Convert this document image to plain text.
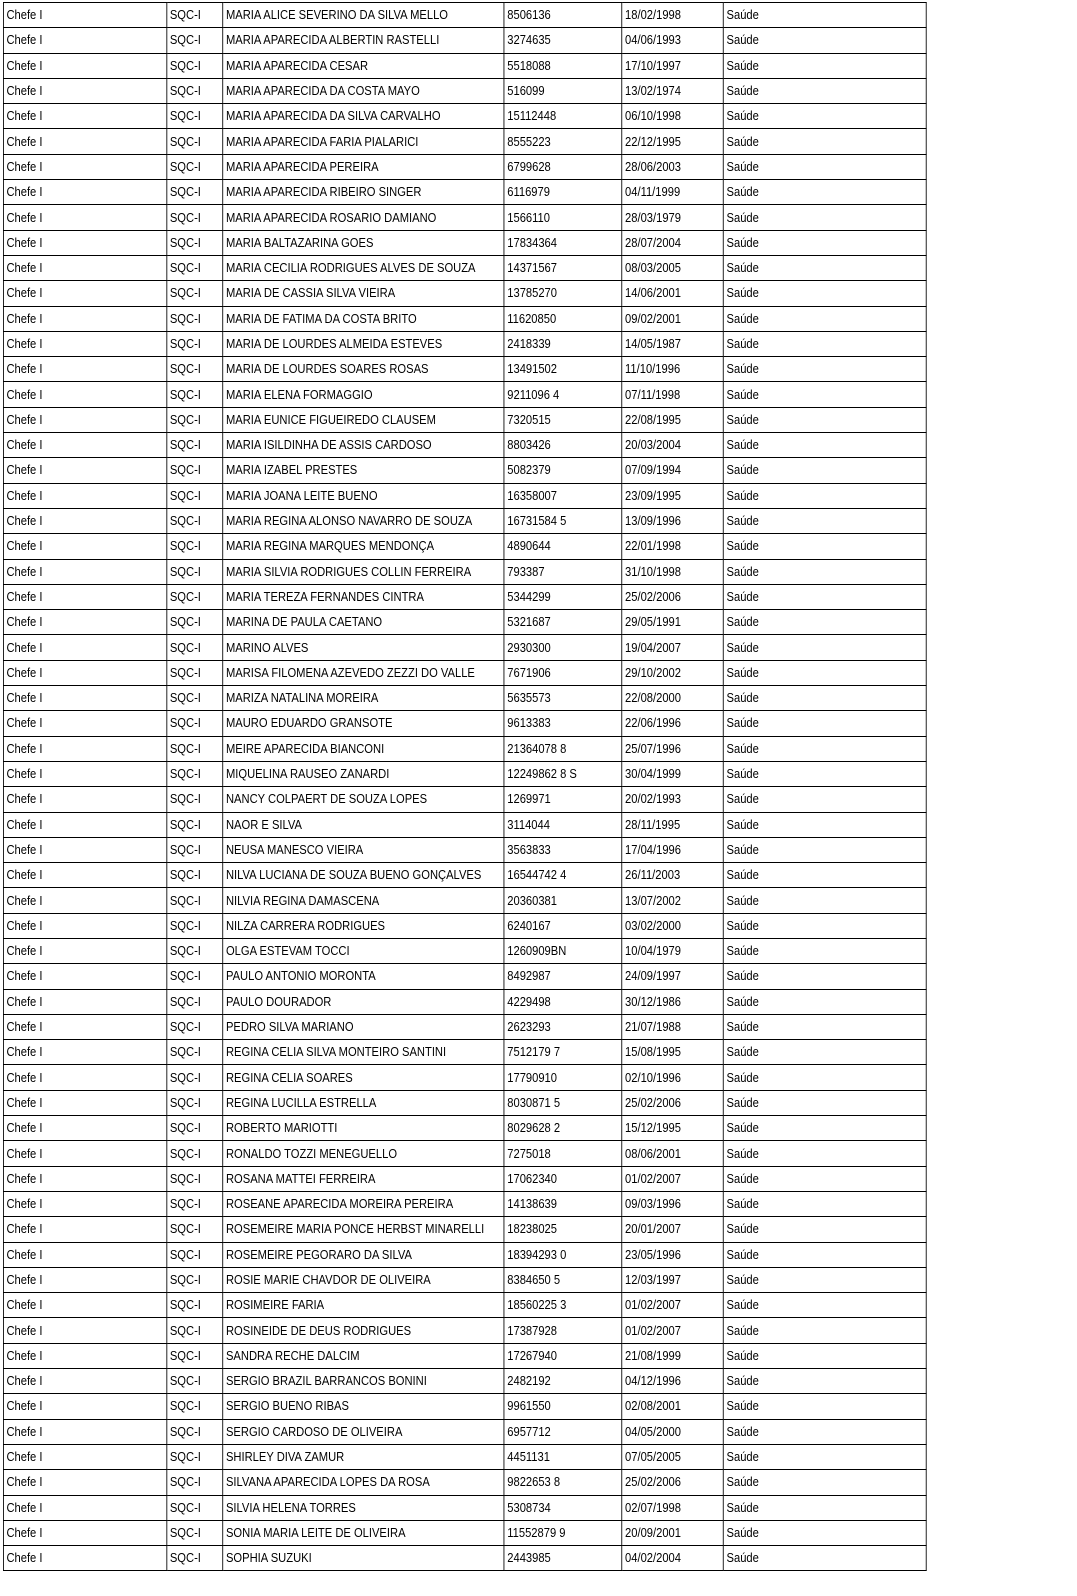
Chefe I	SQC-I	MARIA ALICE SEVERINO DA SILVA MELLO	8506136	18/02/1998	Saúde
Chefe I	SQC-I	MARIA APARECIDA ALBERTIN RASTELLI	3274635	04/06/1993	Saúde
Chefe I	SQC-I	MARIA APARECIDA CESAR	5518088	17/10/1997	Saúde
Chefe I	SQC-I	MARIA APARECIDA DA COSTA MAYO	516099	13/02/1974	Saúde
Chefe I	SQC-I	MARIA APARECIDA DA SILVA CARVALHO	15112448	06/10/1998	Saúde
Chefe I	SQC-I	MARIA APARECIDA FARIA PIALARICI	8555223	22/12/1995	Saúde
Chefe I	SQC-I	MARIA APARECIDA PEREIRA	6799628	28/06/2003	Saúde
Chefe I	SQC-I	MARIA APARECIDA RIBEIRO SINGER	6116979	04/11/1999	Saúde
Chefe I	SQC-I	MARIA APARECIDA ROSARIO DAMIANO	1566110	28/03/1979	Saúde
Chefe I	SQC-I	MARIA BALTAZARINA GOES	17834364	28/07/2004	Saúde
Chefe I	SQC-I	MARIA CECILIA RODRIGUES ALVES DE SOUZA	14371567	08/03/2005	Saúde
Chefe I	SQC-I	MARIA DE CASSIA SILVA VIEIRA	13785270	14/06/2001	Saúde
Chefe I	SQC-I	MARIA DE FATIMA DA COSTA BRITO	11620850	09/02/2001	Saúde
Chefe I	SQC-I	MARIA DE LOURDES ALMEIDA ESTEVES	2418339	14/05/1987	Saúde
Chefe I	SQC-I	MARIA DE LOURDES SOARES ROSAS	13491502	11/10/1996	Saúde
Chefe I	SQC-I	MARIA ELENA FORMAGGIO	9211096 4	07/11/1998	Saúde
Chefe I	SQC-I	MARIA EUNICE FIGUEIREDO CLAUSEM	7320515	22/08/1995	Saúde
Chefe I	SQC-I	MARIA ISILDINHA DE ASSIS CARDOSO	8803426	20/03/2004	Saúde
Chefe I	SQC-I	MARIA IZABEL PRESTES	5082379	07/09/1994	Saúde
Chefe I	SQC-I	MARIA JOANA LEITE BUENO	16358007	23/09/1995	Saúde
Chefe I	SQC-I	MARIA REGINA ALONSO NAVARRO DE SOUZA	16731584 5	13/09/1996	Saúde
Chefe I	SQC-I	MARIA REGINA MARQUES MENDONÇA	4890644	22/01/1998	Saúde
Chefe I	SQC-I	MARIA SILVIA RODRIGUES COLLIN FERREIRA	793387	31/10/1998	Saúde
Chefe I	SQC-I	MARIA TEREZA FERNANDES CINTRA	5344299	25/02/2006	Saúde
Chefe I	SQC-I	MARINA DE PAULA CAETANO	5321687	29/05/1991	Saúde
Chefe I	SQC-I	MARINO ALVES	2930300	19/04/2007	Saúde
Chefe I	SQC-I	MARISA FILOMENA AZEVEDO ZEZZI DO VALLE	7671906	29/10/2002	Saúde
Chefe I	SQC-I	MARIZA NATALINA MOREIRA	5635573	22/08/2000	Saúde
Chefe I	SQC-I	MAURO EDUARDO GRANSOTE	9613383	22/06/1996	Saúde
Chefe I	SQC-I	MEIRE APARECIDA BIANCONI	21364078 8	25/07/1996	Saúde
Chefe I	SQC-I	MIQUELINA RAUSEO ZANARDI	12249862 8 S	30/04/1999	Saúde
Chefe I	SQC-I	NANCY COLPAERT DE SOUZA LOPES	1269971	20/02/1993	Saúde
Chefe I	SQC-I	NAOR E SILVA	3114044	28/11/1995	Saúde
Chefe I	SQC-I	NEUSA MANESCO VIEIRA	3563833	17/04/1996	Saúde
Chefe I	SQC-I	NILVA LUCIANA DE SOUZA BUENO GONÇALVES	16544742 4	26/11/2003	Saúde
Chefe I	SQC-I	NILVIA REGINA DAMASCENA	20360381	13/07/2002	Saúde
Chefe I	SQC-I	NILZA CARRERA RODRIGUES	6240167	03/02/2000	Saúde
Chefe I	SQC-I	OLGA ESTEVAM TOCCI	1260909BN	10/04/1979	Saúde
Chefe I	SQC-I	PAULO ANTONIO MORONTA	8492987	24/09/1997	Saúde
Chefe I	SQC-I	PAULO DOURADOR	4229498	30/12/1986	Saúde
Chefe I	SQC-I	PEDRO SILVA MARIANO	2623293	21/07/1988	Saúde
Chefe I	SQC-I	REGINA CELIA SILVA MONTEIRO SANTINI	7512179 7	15/08/1995	Saúde
Chefe I	SQC-I	REGINA CELIA SOARES	17790910	02/10/1996	Saúde
Chefe I	SQC-I	REGINA LUCILLA ESTRELLA	8030871 5	25/02/2006	Saúde
Chefe I	SQC-I	ROBERTO MARIOTTI	8029628 2	15/12/1995	Saúde
Chefe I	SQC-I	RONALDO TOZZI MENEGUELLO	7275018	08/06/2001	Saúde
Chefe I	SQC-I	ROSANA MATTEI FERREIRA	17062340	01/02/2007	Saúde
Chefe I	SQC-I	ROSEANE APARECIDA MOREIRA PEREIRA	14138639	09/03/1996	Saúde
Chefe I	SQC-I	ROSEMEIRE MARIA PONCE HERBST MINARELLI	18238025	20/01/2007	Saúde
Chefe I	SQC-I	ROSEMEIRE PEGORARO DA SILVA	18394293 0	23/05/1996	Saúde
Chefe I	SQC-I	ROSIE MARIE CHAVDOR DE OLIVEIRA	8384650 5	12/03/1997	Saúde
Chefe I	SQC-I	ROSIMEIRE FARIA	18560225 3	01/02/2007	Saúde
Chefe I	SQC-I	ROSINEIDE DE DEUS RODRIGUES	17387928	01/02/2007	Saúde
Chefe I	SQC-I	SANDRA RECHE DALCIM	17267940	21/08/1999	Saúde
Chefe I	SQC-I	SERGIO BRAZIL BARRANCOS BONINI	2482192	04/12/1996	Saúde
Chefe I	SQC-I	SERGIO BUENO RIBAS	9961550	02/08/2001	Saúde
Chefe I	SQC-I	SERGIO CARDOSO DE OLIVEIRA	6957712	04/05/2000	Saúde
Chefe I	SQC-I	SHIRLEY DIVA ZAMUR	4451131	07/05/2005	Saúde
Chefe I	SQC-I	SILVANA APARECIDA LOPES DA ROSA	9822653 8	25/02/2006	Saúde
Chefe I	SQC-I	SILVIA HELENA TORRES	5308734	02/07/1998	Saúde
Chefe I	SQC-I	SONIA MARIA LEITE DE OLIVEIRA	11552879 9	20/09/2001	Saúde
Chefe I	SQC-I	SOPHIA SUZUKI	2443985	04/02/2004	Saúde
